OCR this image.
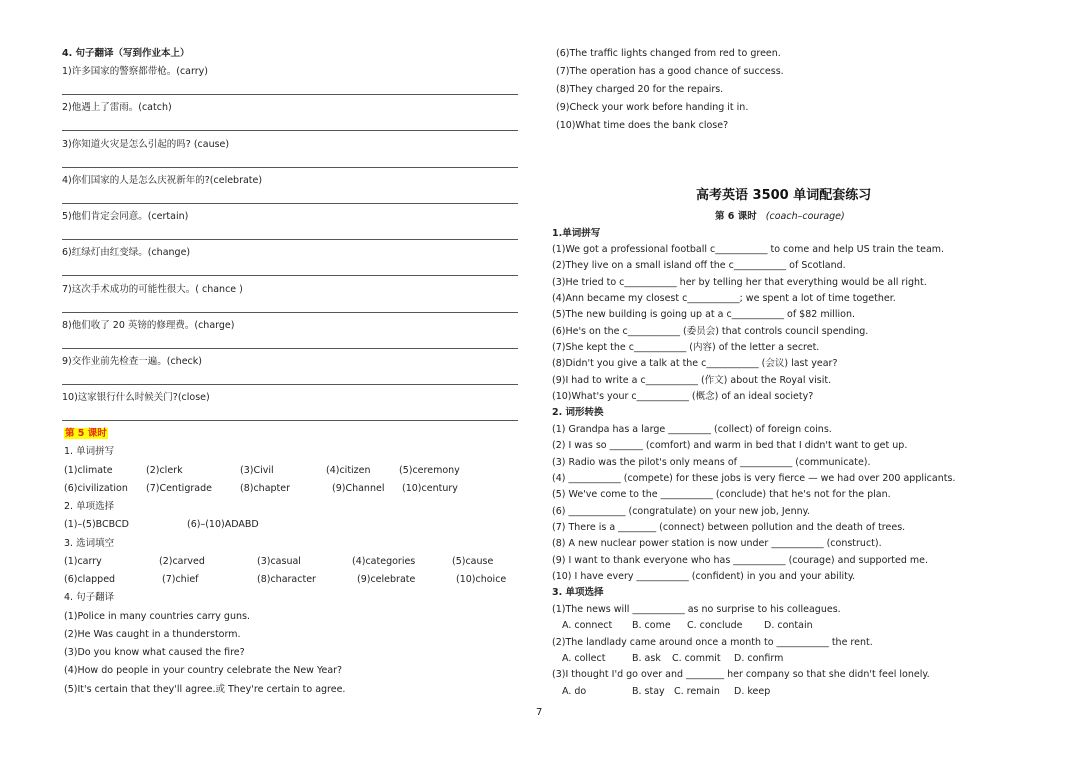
4. 句子翻译（写到作业本上）
1)许多国家的警察都带枪。(carry)
2)他遇上了雷雨。(catch)
3)你知道火灾是怎么引起的吗? (cause)
4)你们国家的人是怎么庆祝新年的?(celebrate)
5)他们肯定会同意。(certain)
6)红绿灯由红变绿。(change)
7)这次手术成功的可能性很大。( chance )
8)他们收了 20 英镑的修理费。(charge)
9)交作业前先检查一遍。(check)
10)这家银行什么时候关门?(close)
第 5 课时
1. 单词拼写
(1)climate	(2)clerk	(3)Civil	(4)citizen	(5)ceremony
(6)civilization (7)Centigrade	(8)chapter	(9)Channel (10)century
2. 单项选择
(1)–(5)BCBCD	(6)–(10)ADABD
3. 选词填空
(1)carry	(2)carved	(3)casual	(4)categories	(5)cause
(6)clapped	(7)chief	(8)character	(9)celebrate	(10)choice
4. 句子翻译
(1)Police in many countries carry guns.
(2)He Was caught in a thunderstorm.
(3)Do you know what caused the fire?
(4)How do people in your country celebrate the New Year?
(5)It's certain that they'll agree.或 They're certain to agree.
(6)The traffic lights changed from red to green.
(7)The operation has a good chance of success.
(8)They charged 20 for the repairs.
(9)Check your work before handing it in.
(10)What time does the bank close?
高考英语 3500 单词配套练习
第 6 课时 (coach–courage)
1.单词拼写
(1)We got a professional football c___________ to come and help US train the team.
(2)They live on a small island off the c___________ of Scotland.
(3)He tried to c___________ her by telling her that everything would be all right.
(4)Ann became my closest c___________; we spent a lot of time together.
(5)The new building is going up at a c___________ of $82 million.
(6)He's on the c___________ (委员会) that controls council spending.
(7)She kept the c___________ (内容) of the letter a secret.
(8)Didn't you give a talk at the c___________ (会议) last year?
(9)I had to write a c___________ (作文) about the Royal visit.
(10)What's your c___________ (概念) of an ideal society?
2. 词形转换
(1) Grandpa has a large _________ (collect) of foreign coins.
(2) I was so _______ (comfort) and warm in bed that I didn't want to get up.
(3) Radio was the pilot's only means of ___________ (communicate).
(4) ___________ (compete) for these jobs is very fierce — we had over 200 applicants.
(5) We've come to the ___________ (conclude) that he's not for the plan.
(6) ____________ (congratulate) on your new job, Jenny.
(7) There is a ________ (connect) between pollution and the death of trees.
(8) A new nuclear power station is now under ___________ (construct).
(9) I want to thank everyone who has ___________ (courage) and supported me.
(10) I have every ___________ (confident) in you and your ability.
3. 单项选择
(1)The news will ___________ as no surprise to his colleagues.
A. connect B. come C. conclude D. contain
(2)The landlady came around once a month to ___________ the rent.
A. collect	B. ask C. commit D. confirm
(3)I thought I'd go over and ________ her company so that she didn't feel lonely.
A. do	B. stay C. remain D. keep
7
